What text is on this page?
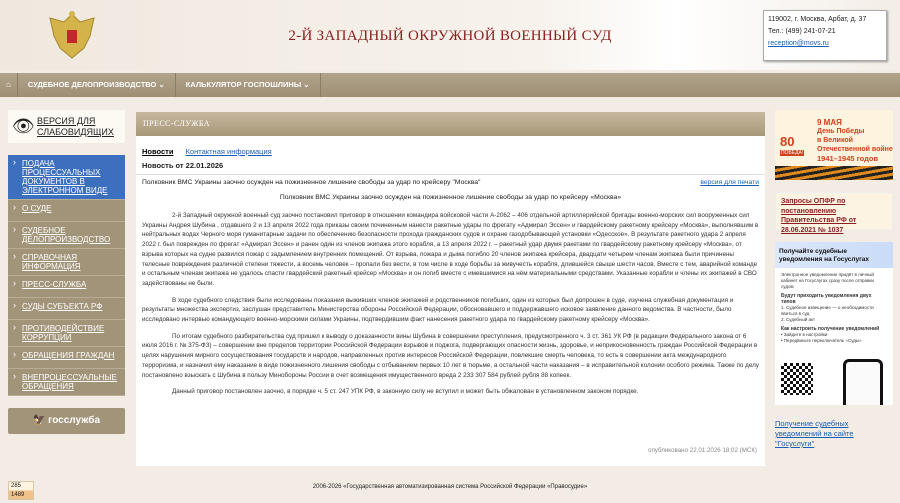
2-Й ЗАПАДНЫЙ ОКРУЖНОЙ ВОЕННЫЙ СУД
119002, г. Москва, Арбат, д. 37
Тел.: (499) 241-07-21
reception@movs.ru
⌂	СУДЕБНОЕ ДЕЛОПРОИЗВОДСТВО ⌄	КАЛЬКУЛЯТОР ГОСПОШЛИНЫ ⌄
👁 ВЕРСИЯ ДЛЯ СЛАБОВИДЯЩИХ
› ПОДАЧА ПРОЦЕССУАЛЬНЫХ ДОКУМЕНТОВ В ЭЛЕКТРОННОМ ВИДЕ
› О СУДЕ
› СУДЕБНОЕ ДЕЛОПРОИЗВОДСТВО
› СПРАВОЧНАЯ ИНФОРМАЦИЯ
› ПРЕСС-СЛУЖБА
› СУДЫ СУБЪЕКТА РФ
› ПРОТИВОДЕЙСТВИЕ КОРРУПЦИИ
› ОБРАЩЕНИЯ ГРАЖДАН
› ВНЕПРОЦЕССУАЛЬНЫЕ ОБРАЩЕНИЯ
🦅 госслужба
ПРЕСС-СЛУЖБА
Новости Контактная информация
Новость от 22.01.2026
Полковник ВМС Украины заочно осужден на пожизненное лишение свободы за удар по крейсеру "Москва"	версия для печати
Полковник ВМС Украины заочно осужден на пожизненное лишение свободы за удар по крейсеру «Москва»

2-й Западный окружной военный суд заочно постановил приговор в отношении командира войсковой части А-2062 – 406 отдельной артиллерийской бригады военно-морских сил вооруженных сил Украины Андрея Шубина , отдавшего 2 и 13 апреля 2022 года приказы своим починенным нанести ракетные удары по фрегату «Адмирал Эссен» и гвардейскому ракетному крейсеру «Москва», выполнявшим в нейтральных водах Черного моря гуманитарные задачи по обеспечению безопасности прохода гражданских судов и охране газодобывающей установки «Одесское». В результате ракетного удара 2 апреля 2022 г. был поврежден по фрегат «Адмирал Эссен» и ранен один из членов экипажа этого корабля, а 13 апреля 2022 г. – ракетный удар двумя ракетами по гвардейскому ракетному крейсеру «Москва», от взрыва которых на судне развился пожар с задымлением внутренних помещений. От взрыва, пожара и дыма погибло 20 членов экипажа крейсера, двадцати четырем членам экипажа были причинены телесные повреждения различной степени тяжести, а восемь человек – пропали без вести, в том числе в ходе борьбы за живучесть корабля, длившейся свыше шести часов. Вместе с тем, аварийной команде и остальным членам экипажа не удалось спасти гвардейский ракетный крейсер «Москва» и он погиб вместе с имевшимися на нём материальными средствами. Указанные корабли и члены их экипажей в СВО задействованы не были.

В ходе судебного следствия были исследованы показания выживших членов экипажей и родственников погибших, один из которых был допрошен в суде, изучена служебная документация и результаты множества экспертиз, заслушан представитель Министерства обороны Российской Федерации, обосновавшего и поддержавшего исковое заявление данного ведомства. В частности, было исследовано интервью командующего военно-морскими силами Украины, подтвердившим факт нанесения ракетного удара по гвардейскому ракетному крейсеру «Москва».

По итогам судебного разбирательства суд пришел к выводу о доказанности вины Шубина в совершении преступления, предусмотренного ч. 3 ст. 361 УК РФ (в редакции Федерального закона от 6 июля 2016 г. № 375-ФЗ) – совершении вне пределов территории Российской Федерации взрывов и поджога, подвергающих опасности жизнь, здоровье, и неприкосновенность граждан Российской Федерации в целях нарушения мирного сосуществования государств и народов, направленных против интересов Российской Федерации, повлекшие смерть человека, то есть в совершении акта международного терроризма, и назначил ему наказание в виде пожизненного лишения свободы с отбыванием первых 10 лет в тюрьме, а остальной части наказания – в исправительной колонии особого режима. Также по делу постановлено взыскать с Шубина в пользу Минобороны России в счет возмещения имущественного вреда 2 233 307 584 рублей рубля 88 копеек.

Данный приговор постановлен заочно, в порядке ч. 5 ст. 247 УПК РФ, в законную силу не вступил и может быть обжалован в установленном законом порядке.

опубликовано 22.01.2026 18:02 (МСК)
80
ПОБЕДА!
9 МАЯ
День Победы
в Великой
Отечественной войне
1941–1945 годов
Запросы ОПФР по постановлению Правительства РФ от 28.06.2021 № 1037
Получайте судебные уведомления на Госуслугах
Электронное уведомление придёт в личный кабинет на Госуслугах сразу после отправки судом
Будут приходить уведомления двух типов
1. Судебное извещение — о необходимости явиться в суд
2. Судебный акт
Как настроить получение уведомлений
• Зайдите в настройки
• Передвиньте переключатель «Суды»
Получение судебных уведомлений на сайте "Госуслуги"
285
1489
2006-2026 «Государственная автоматизированная система Российской Федерации «Правосудие»
